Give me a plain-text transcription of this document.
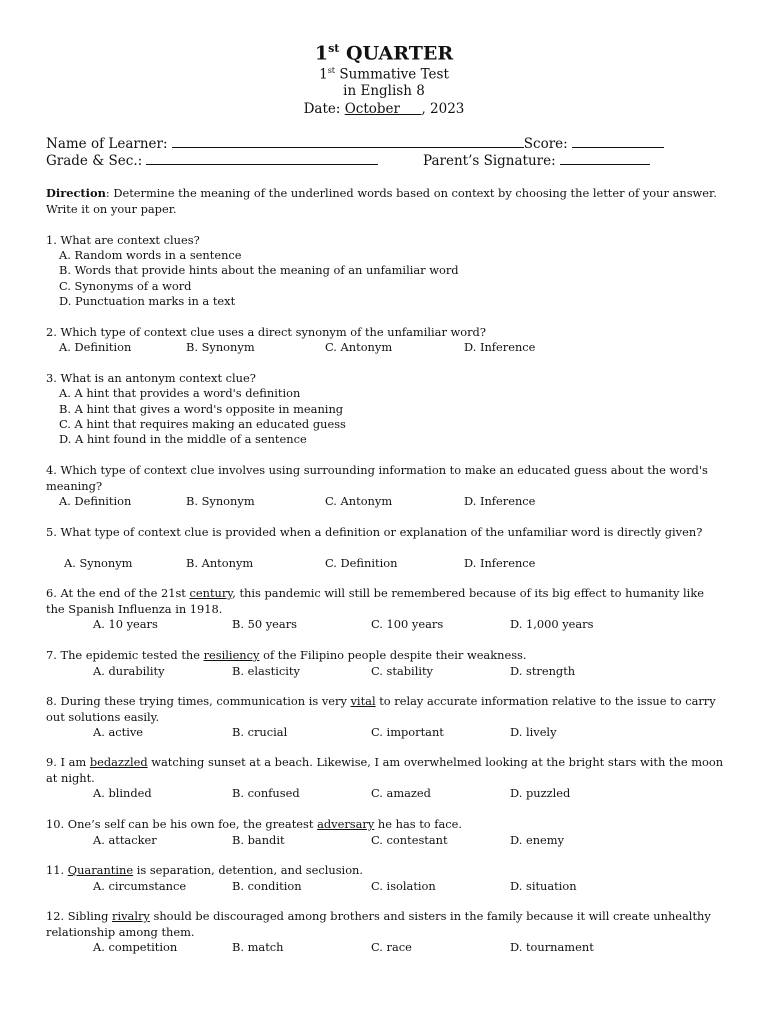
1st QUARTER
1st Summative Test
in English 8
Date: October     , 2023
Name of Learner:	Score:
Grade & Sec.:	Parent’s Signature:
Direction: Determine the meaning of the underlined words based on context by choosing the letter of your answer. Write it on your paper.
1. What are context clues?
A. Random words in a sentence
B. Words that provide hints about the meaning of an unfamiliar word
C. Synonyms of a word
D. Punctuation marks in a text
2. Which type of context clue uses a direct synonym of the unfamiliar word?
A. Definition	B. Synonym	C. Antonym	D. Inference
3. What is an antonym context clue?
A. A hint that provides a word's definition
B. A hint that gives a word's opposite in meaning
C. A hint that requires making an educated guess
D. A hint found in the middle of a sentence
4. Which type of context clue involves using surrounding information to make an educated guess about the word's meaning?
A. Definition	B. Synonym	C. Antonym	D. Inference
5. What type of context clue is provided when a definition or explanation of the unfamiliar word is directly given?
A. Synonym	B. Antonym	C. Definition	D. Inference
6. At the end of the 21st century, this pandemic will still be remembered because of its big effect to humanity like the Spanish Influenza in 1918.
A. 10 years	B. 50 years	C. 100 years	D. 1,000 years
7. The epidemic tested the resiliency of the Filipino people despite their weakness.
A. durability	B. elasticity	C. stability	D. strength
8. During these trying times, communication is very vital to relay accurate information relative to the issue to carry out solutions easily.
A. active	B. crucial	C. important	D. lively
9. I am bedazzled watching sunset at a beach. Likewise, I am overwhelmed looking at the bright stars with the moon at night.
A. blinded	B. confused	C. amazed	D. puzzled
10. One’s self can be his own foe, the greatest adversary he has to face.
A. attacker	B. bandit	C. contestant	D. enemy
11. Quarantine is separation, detention, and seclusion.
A. circumstance	B. condition	C. isolation	D. situation
12. Sibling rivalry should be discouraged among brothers and sisters in the family because it will create unhealthy relationship among them.
A. competition	B. match	C. race	D. tournament
